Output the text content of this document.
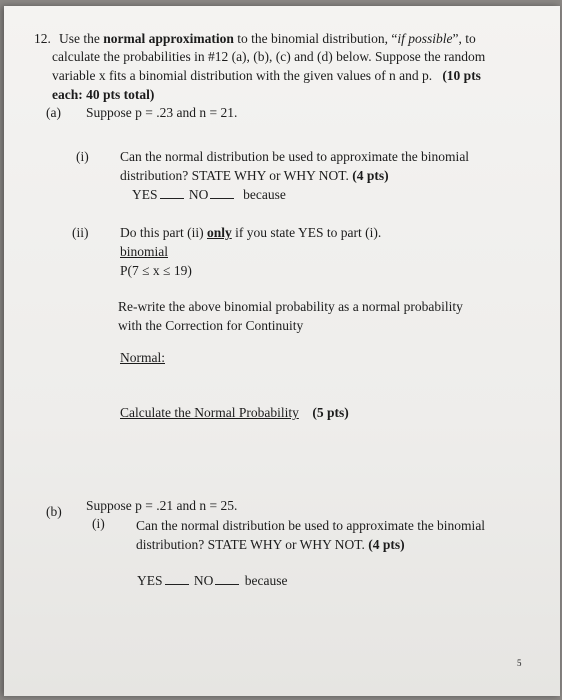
12. Use the normal approximation to the binomial distribution, “if possible”, to
calculate the probabilities in #12 (a), (b), (c) and (d) below. Suppose the random
variable x fits a binomial distribution with the given values of n and p. (10 pts
each: 40 pts total)
(a) Suppose p = .23 and n = 21.
(i) Can the normal distribution be used to approximate the binomial
distribution? STATE WHY or WHY NOT. (4 pts)
YES NO	because
(ii) Do this part (ii) only if you state YES to part (i).
binomial
P(7 ≤ x ≤ 19)
Re-write the above binomial probability as a normal probability
with the Correction for Continuity
Normal:
Calculate the Normal Probability (5 pts)
(b) Suppose p = .21 and n = 25.
(i) Can the normal distribution be used to approximate the binomial
distribution? STATE WHY or WHY NOT. (4 pts)
YES NO because
5
